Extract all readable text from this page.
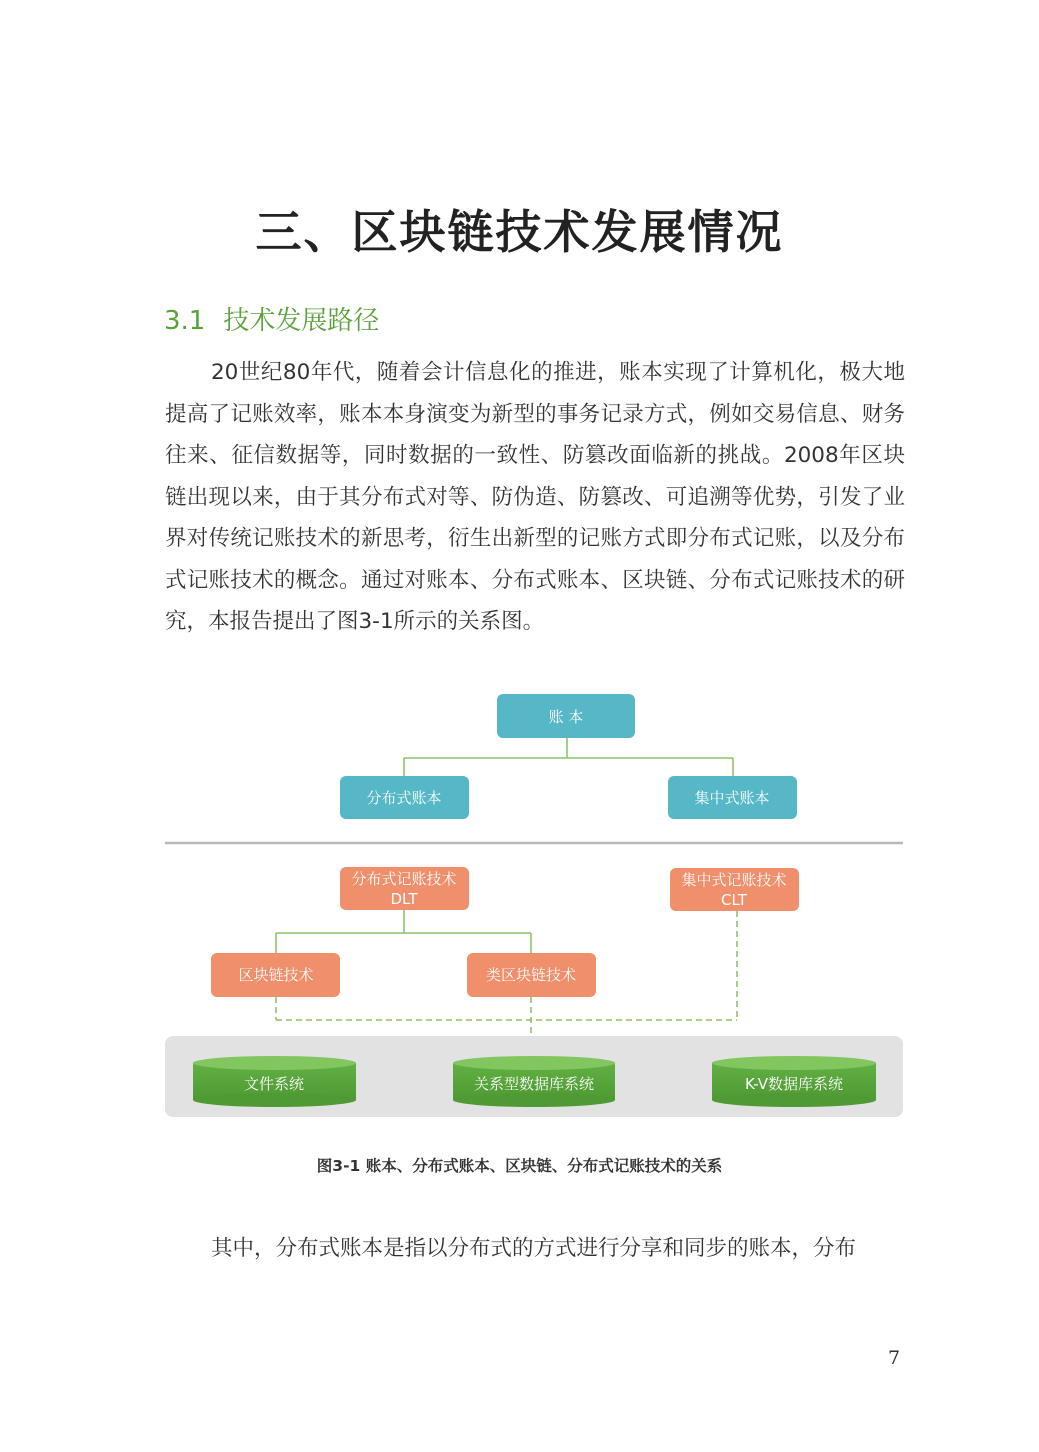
三、区块链技术发展情况
3.1 技术发展路径

20世纪80年代，随着会计信息化的推进，账本实现了计算机化，极大地提高了记账效率，账本本身演变为新型的事务记录方式，例如交易信息、财务往来、征信数据等，同时数据的一致性、防篡改面临新的挑战。2008年区块链出现以来，由于其分布式对等、防伪造、防篡改、可追溯等优势，引发了业界对传统记账技术的新思考，衍生出新型的记账方式即分布式记账，以及分布式记账技术的概念。通过对账本、分布式账本、区块链、分布式记账技术的研究，本报告提出了图3-1所示的关系图。

账 本
分布式账本	集中式账本
分布式记账技术
DLT
集中式记账技术
CLT
区块链技术	类区块链技术
文件系统	关系型数据库系统	K-V数据库系统
图3-1 账本、分布式账本、区块链、分布式记账技术的关系

其中，分布式账本是指以分布式的方式进行分享和同步的账本，分布

7
